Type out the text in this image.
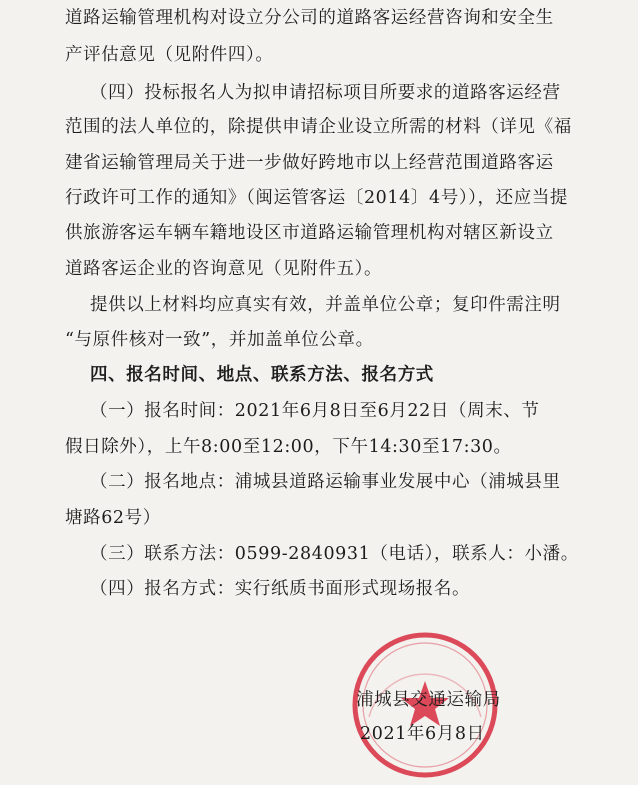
道路运输管理机构对设立分公司的道路客运经营咨询和安全生
产评估意见（见附件四）。
（四）投标报名人为拟申请招标项目所要求的道路客运经营
范围的法人单位的，除提供申请企业设立所需的材料（详见《福
建省运输管理局关于进一步做好跨地市以上经营范围道路客运
行政许可工作的通知》（闽运管客运〔2014〕4号）），还应当提
供旅游客运车辆车籍地设区市道路运输管理机构对辖区新设立
道路客运企业的咨询意见（见附件五）。
提供以上材料均应真实有效，并盖单位公章；复印件需注明
“与原件核对一致”，并加盖单位公章。
四、报名时间、地点、联系方法、报名方式
（一）报名时间：2021年6月8日至6月22日（周末、节
假日除外），上午8:00至12:00，下午14:30至17:30。
（二）报名地点：浦城县道路运输事业发展中心（浦城县里
塘路62号）
（三）联系方法：0599-2840931（电话），联系人：小潘。
（四）报名方式：实行纸质书面形式现场报名。
浦城县交通运输局
2021年6月8日
